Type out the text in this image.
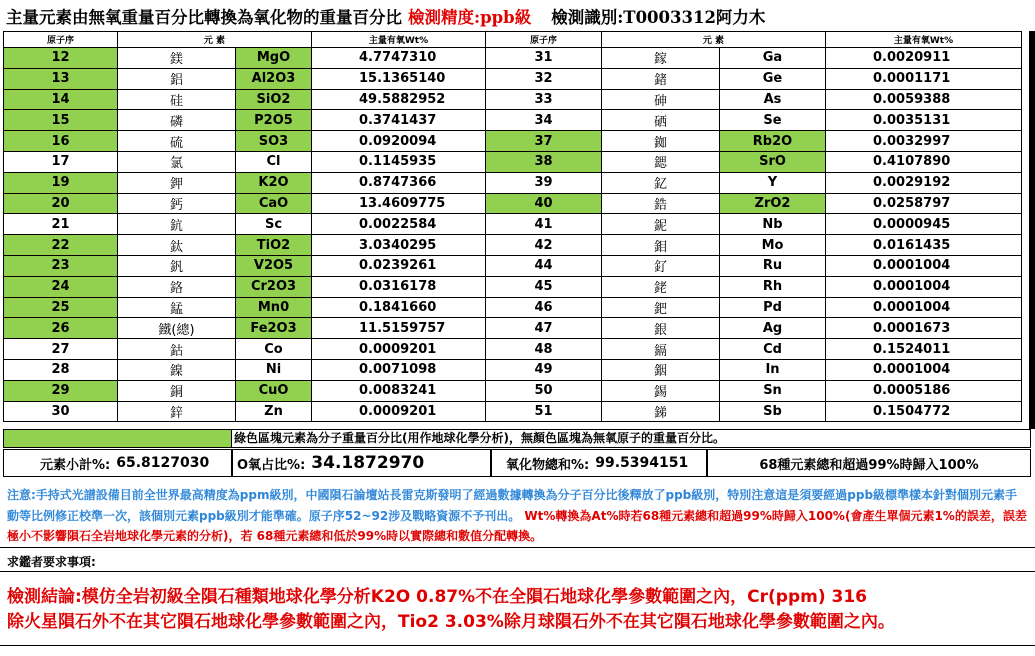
主量元素由無氧重量百分比轉換為氧化物的重量百分比 檢測精度:ppb級 檢測識別:T0003312阿力木
原子序	元 素		主量有氧Wt%	原子序	元 素		主量有氧Wt%
12	鎂	MgO	4.7747310	31	鎵	Ga	0.0020911
13	鋁	Al2O3	15.1365140	32	鍺	Ge	0.0001171
14	硅	SiO2	49.5882952	33	砷	As	0.0059388
15	磷	P2O5	0.3741437	34	硒	Se	0.0035131
16	硫	SO3	0.0920094	37	銣	Rb2O	0.0032997
17	氯	Cl	0.1145935	38	鍶	SrO	0.4107890
19	鉀	K2O	0.8747366	39	釔	Y	0.0029192
20	鈣	CaO	13.4609775	40	鋯	ZrO2	0.0258797
21	鈧	Sc	0.0022584	41	鈮	Nb	0.0000945
22	鈦	TiO2	3.0340295	42	鉬	Mo	0.0161435
23	釩	V2O5	0.0239261	44	釕	Ru	0.0001004
24	鉻	Cr2O3	0.0316178	45	銠	Rh	0.0001004
25	錳	Mn0	0.1841660	46	鈀	Pd	0.0001004
26	鐵(總)	Fe2O3	11.5159757	47	銀	Ag	0.0001673
27	鈷	Co	0.0009201	48	鎘	Cd	0.1524011
28	鎳	Ni	0.0071098	49	銦	In	0.0001004
29	銅	CuO	0.0083241	50	錫	Sn	0.0005186
30	鋅	Zn	0.0009201	51	銻	Sb	0.1504772
綠色區塊元素為分子重量百分比(用作地球化學分析)，無顏色區塊為無氧原子的重量百分比。
元素小計%: 65.8127030 O氧占比%: 34.1872970	氧化物總和%: 99.5394151	68種元素總和超過99%時歸入100%
注意:手持式光譜設備目前全世界最高精度為ppm級別，中國隕石論壇站長雷克斯發明了經過數據轉換為分子百分比後釋放了ppb級別，特別注意這是須要經過ppb級標準樣本針對個別元素手動等比例修正校準一次，該個別元素ppb級別才能準確。原子序52~92涉及戰略資源不予刊出。 Wt%轉換為At%時若68種元素總和超過99%時歸入100%(會產生單個元素1%的誤差，誤差極小不影響隕石全岩地球化學元素的分析)，若 68種元素總和低於99%時以實際總和數值分配轉換。
求鑑者要求事項:
檢測結論:模仿全岩初級全隕石種類地球化學分析K2O 0.87%不在全隕石地球化學參數範圍之內，Cr(ppm) 316
除火星隕石外不在其它隕石地球化學參數範圍之內，Tio2 3.03%除月球隕石外不在其它隕石地球化學參數範圍之內。
